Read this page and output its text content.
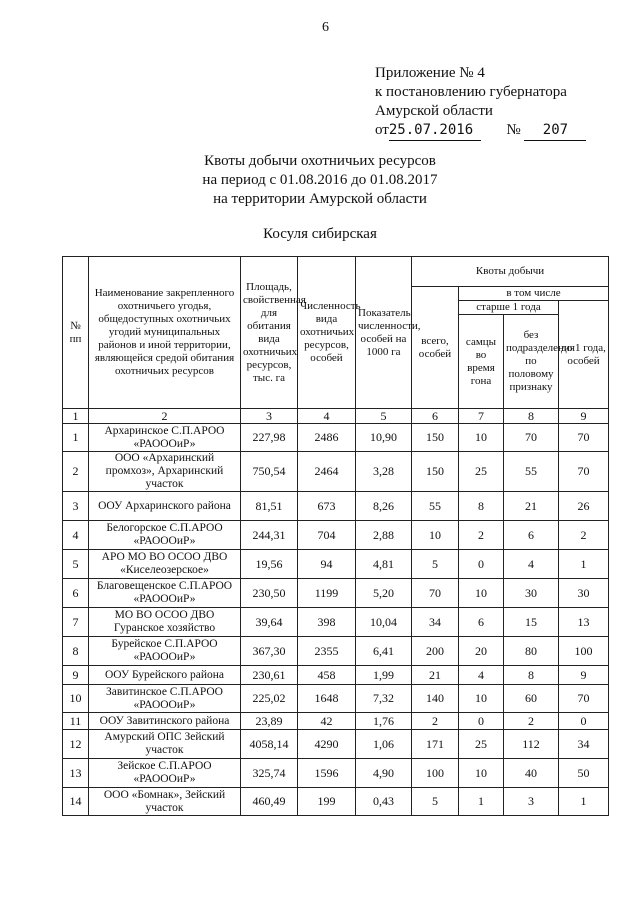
6
Приложение № 4
к постановлению губернатора
Амурской области
от25.07.2016 № 207
Квоты добычи охотничьих ресурсов
на период с 01.08.2016 до 01.08.2017
на территории Амурской области
Косуля сибирская
№ пп	Наименование закрепленного охотничьего угодья, общедоступных охотничьих угодий муниципальных районов и иной территории, являющейся средой обитания охотничьих ресурсов	Площадь, свойственная для обитания вида охотничьих ресурсов, тыс. га	Численность вида охотничьих ресурсов, особей	Показатель численности, особей на 1000 га	Квоты добычи			
					всего, особей	в том числе		
						старше 1 года		до 1 года, особей
						самцы во время гона	без подразделения по половому признаку	
1	2	3	4	5	6	7	8	9
1	Архаринское С.П.АРОО «РАОООиР»	227,98	2486	10,90	150	10	70	70
2	ООО «Архаринский промхоз», Архаринский участок	750,54	2464	3,28	150	25	55	70
3	ООУ Архаринского района	81,51	673	8,26	55	8	21	26
4	Белогорское С.П.АРОО «РАОООиР»	244,31	704	2,88	10	2	6	2
5	АРО МО ВО ОСОО ДВО «Киселеозерское»	19,56	94	4,81	5	0	4	1
6	Благовещенское С.П.АРОО «РАОООиР»	230,50	1199	5,20	70	10	30	30
7	МО ВО ОСОО ДВО Гуранское хозяйство	39,64	398	10,04	34	6	15	13
8	Бурейское С.П.АРОО «РАОООиР»	367,30	2355	6,41	200	20	80	100
9	ООУ Бурейского района	230,61	458	1,99	21	4	8	9
10	Завитинское С.П.АРОО «РАОООиР»	225,02	1648	7,32	140	10	60	70
11	ООУ Завитинского района	23,89	42	1,76	2	0	2	0
12	Амурский ОПС Зейский участок	4058,14	4290	1,06	171	25	112	34
13	Зейское С.П.АРОО «РАОООиР»	325,74	1596	4,90	100	10	40	50
14	ООО «Бомнак», Зейский участок	460,49	199	0,43	5	1	3	1
